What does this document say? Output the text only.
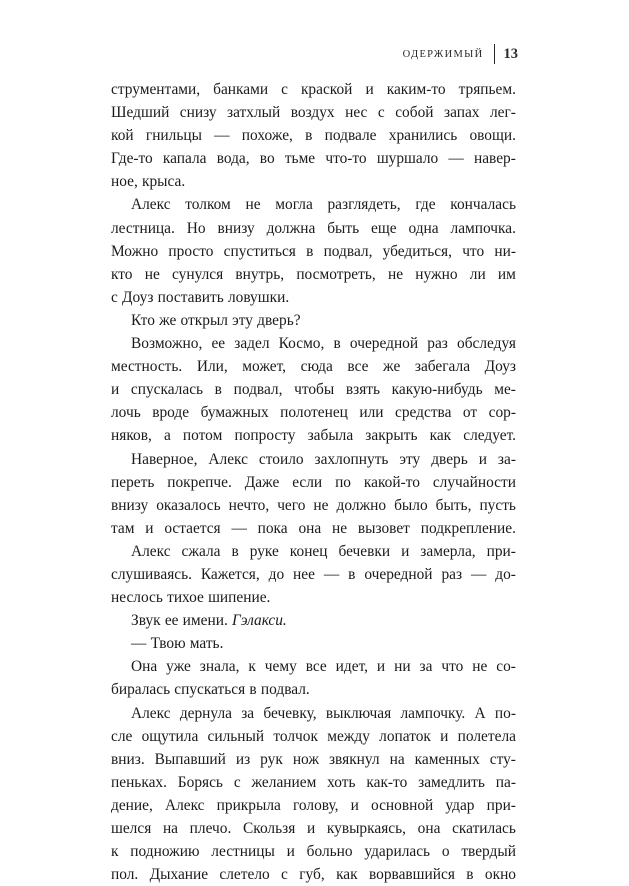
ОДЕРЖИМЫЙ 13
струментами, банками с краской и каким-то тряпьем.
Шедший снизу затхлый воздух нес с собой запах лег-
кой гнильцы — похоже, в подвале хранились овощи.
Где-то капала вода, во тьме что-то шуршало — навер-
ное, крыса.
Алекс толком не могла разглядеть, где кончалась
лестница. Но внизу должна быть еще одна лампочка.
Можно просто спуститься в подвал, убедиться, что ни-
кто не сунулся внутрь, посмотреть, не нужно ли им
с Доуз поставить ловушки.
Кто же открыл эту дверь?
Возможно, ее задел Космо, в очередной раз обследуя
местность. Или, может, сюда все же забегала Доуз
и спускалась в подвал, чтобы взять какую-нибудь ме-
лочь вроде бумажных полотенец или средства от сор-
няков, а потом попросту забыла закрыть как следует.
Наверное, Алекс стоило захлопнуть эту дверь и за-
переть покрепче. Даже если по какой-то случайности
внизу оказалось нечто, чего не должно было быть, пусть
там и остается — пока она не вызовет подкрепление.
Алекс сжала в руке конец бечевки и замерла, при-
слушиваясь. Кажется, до нее — в очередной раз — до-
неслось тихое шипение.
Звук ее имени. Гэлакси.
— Твою мать.
Она уже знала, к чему все идет, и ни за что не со-
биралась спускаться в подвал.
Алекс дернула за бечевку, выключая лампочку. А по-
сле ощутила сильный толчок между лопаток и полетела
вниз. Выпавший из рук нож звякнул на каменных сту-
пеньках. Борясь с желанием хоть как-то замедлить па-
дение, Алекс прикрыла голову, и основной удар при-
шелся на плечо. Скользя и кувыркаясь, она скатилась
к подножию лестницы и больно ударилась о твердый
пол. Дыхание слетело с губ, как ворвавшийся в окно
